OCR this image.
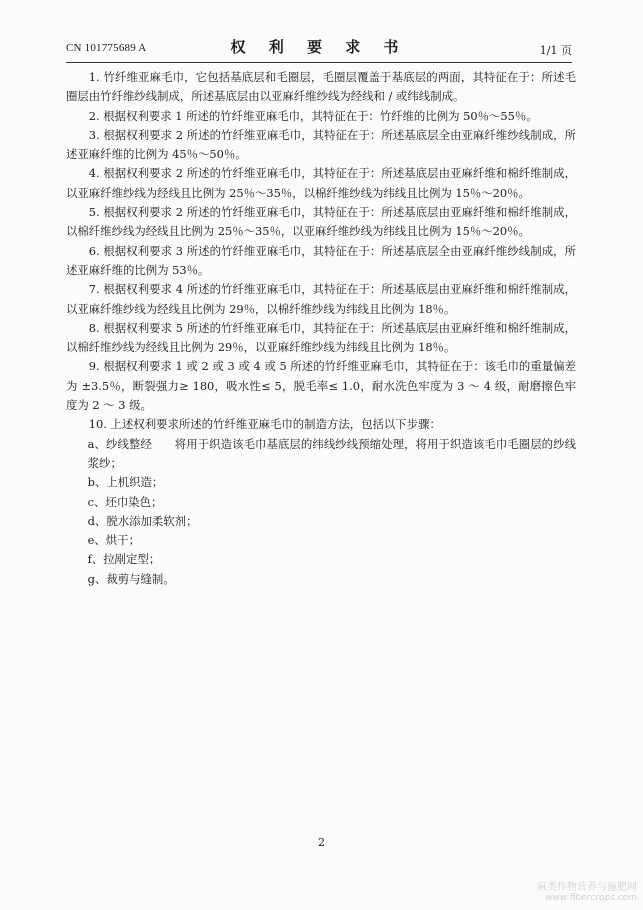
CN 101775689 A	权 利 要 求 书	1/1 页

1. 竹纤维亚麻毛巾，它包括基底层和毛圈层，毛圈层覆盖于基底层的两面，其特征在于：所述毛圈层由竹纤维纱线制成，所述基底层由以亚麻纤维纱线为经线和 / 或纬线制成。

2. 根据权利要求 1 所述的竹纤维亚麻毛巾，其特征在于：竹纤维的比例为 50％～55％。

3. 根据权利要求 2 所述的竹纤维亚麻毛巾，其特征在于：所述基底层全由亚麻纤维纱线制成，所述亚麻纤维的比例为 45％～50％。

4. 根据权利要求 2 所述的竹纤维亚麻毛巾，其特征在于：所述基底层由亚麻纤维和棉纤维制成，以亚麻纤维纱线为经线且比例为 25％～35％，以棉纤维纱线为纬线且比例为 15％～20％。

5. 根据权利要求 2 所述的竹纤维亚麻毛巾，其特征在于：所述基底层由亚麻纤维和棉纤维制成，以棉纤维纱线为经线且比例为 25％～35％，以亚麻纤维纱线为纬线且比例为 15％～20％。

6. 根据权利要求 3 所述的竹纤维亚麻毛巾，其特征在于：所述基底层全由亚麻纤维纱线制成，所述亚麻纤维的比例为 53％。

7. 根据权利要求 4 所述的竹纤维亚麻毛巾，其特征在于：所述基底层由亚麻纤维和棉纤维制成，以亚麻纤维纱线为经线且比例为 29％，以棉纤维纱线为纬线且比例为 18％。

8. 根据权利要求 5 所述的竹纤维亚麻毛巾，其特征在于：所述基底层由亚麻纤维和棉纤维制成，以棉纤维纱线为经线且比例为 29％，以亚麻纤维纱线为纬线且比例为 18％。

9. 根据权利要求 1 或 2 或 3 或 4 或 5 所述的竹纤维亚麻毛巾，其特征在于：该毛巾的重量偏差为 ±3.5％，断裂强力≥ 180，吸水性≤ 5，脱毛率≤ 1.0，耐水洗色牢度为 3 ～ 4 级，耐磨擦色牢度为 2 ～ 3 级。

10. 上述权利要求所述的竹纤维亚麻毛巾的制造方法，包括以下步骤：

a、纱线整经　　将用于织造该毛巾基底层的纬线纱线预缩处理，将用于织造该毛巾毛圈层的纱线浆纱；

b、上机织造；

c、坯巾染色；

d、脱水添加柔软剂；

e、烘干；

f、拉剐定型；

g、裁剪与缝制。

2
麻类作物营养与施肥网
www.fibercrops.com
